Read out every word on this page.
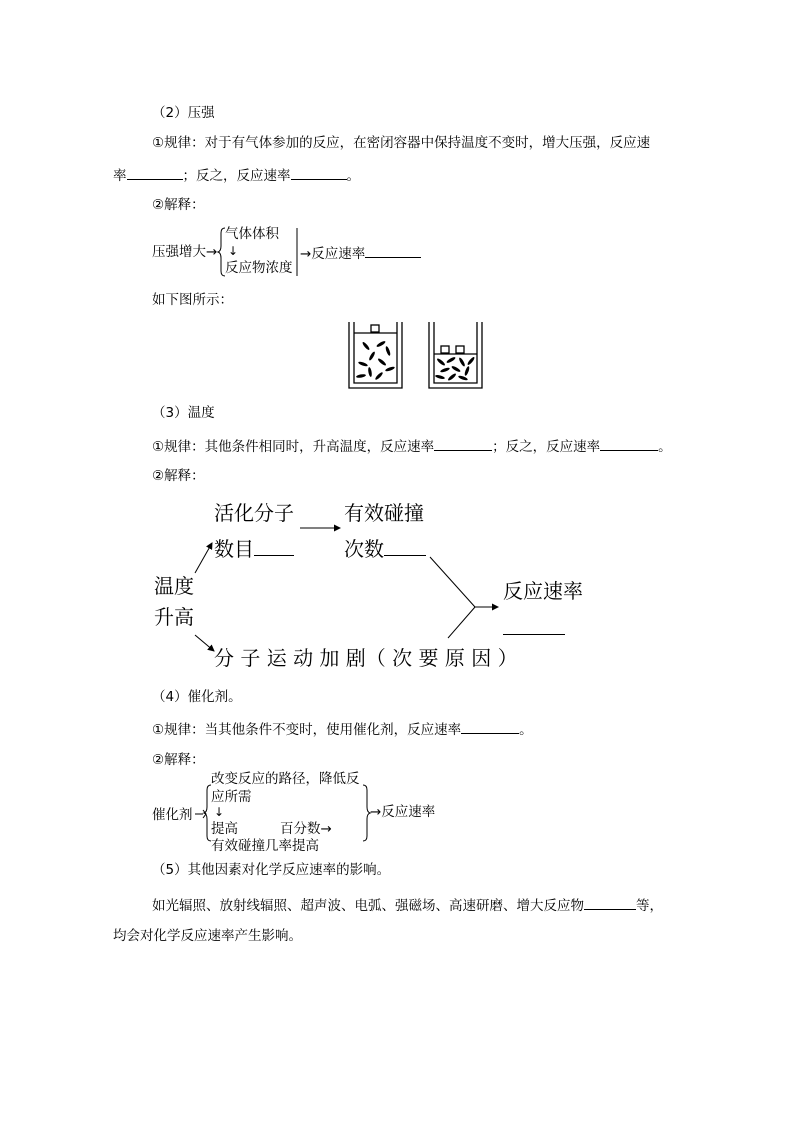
（2）压强
①规律：对于有气体参加的反应，在密闭容器中保持温度不变时，增大压强，反应速
率	；反之，反应速率	。
②解释：
压强增大→
气体体积
↓
反应物浓度
→反应速率
如下图所示：
（3）温度
①规律：其他条件相同时，升高温度，反应速率	；反之，反应速率	。
②解释：
活化分子
数目
有效碰撞
次数
温度
升高
反应速率
分 子 运 动 加 剧（ 次 要 原 因 ）
（4）催化剂。
①规律：当其他条件不变时，使用催化剂，反应速率	。
②解释：
催化剂
改变反应的路径，降低反
应所需
↓
提高	百分数→
有效碰撞几率提高
→反应速率
（5）其他因素对化学反应速率的影响。
如光辐照、放射线辐照、超声波、电弧、强磁场、高速研磨、增大反应物	等，
均会对化学反应速率产生影响。
